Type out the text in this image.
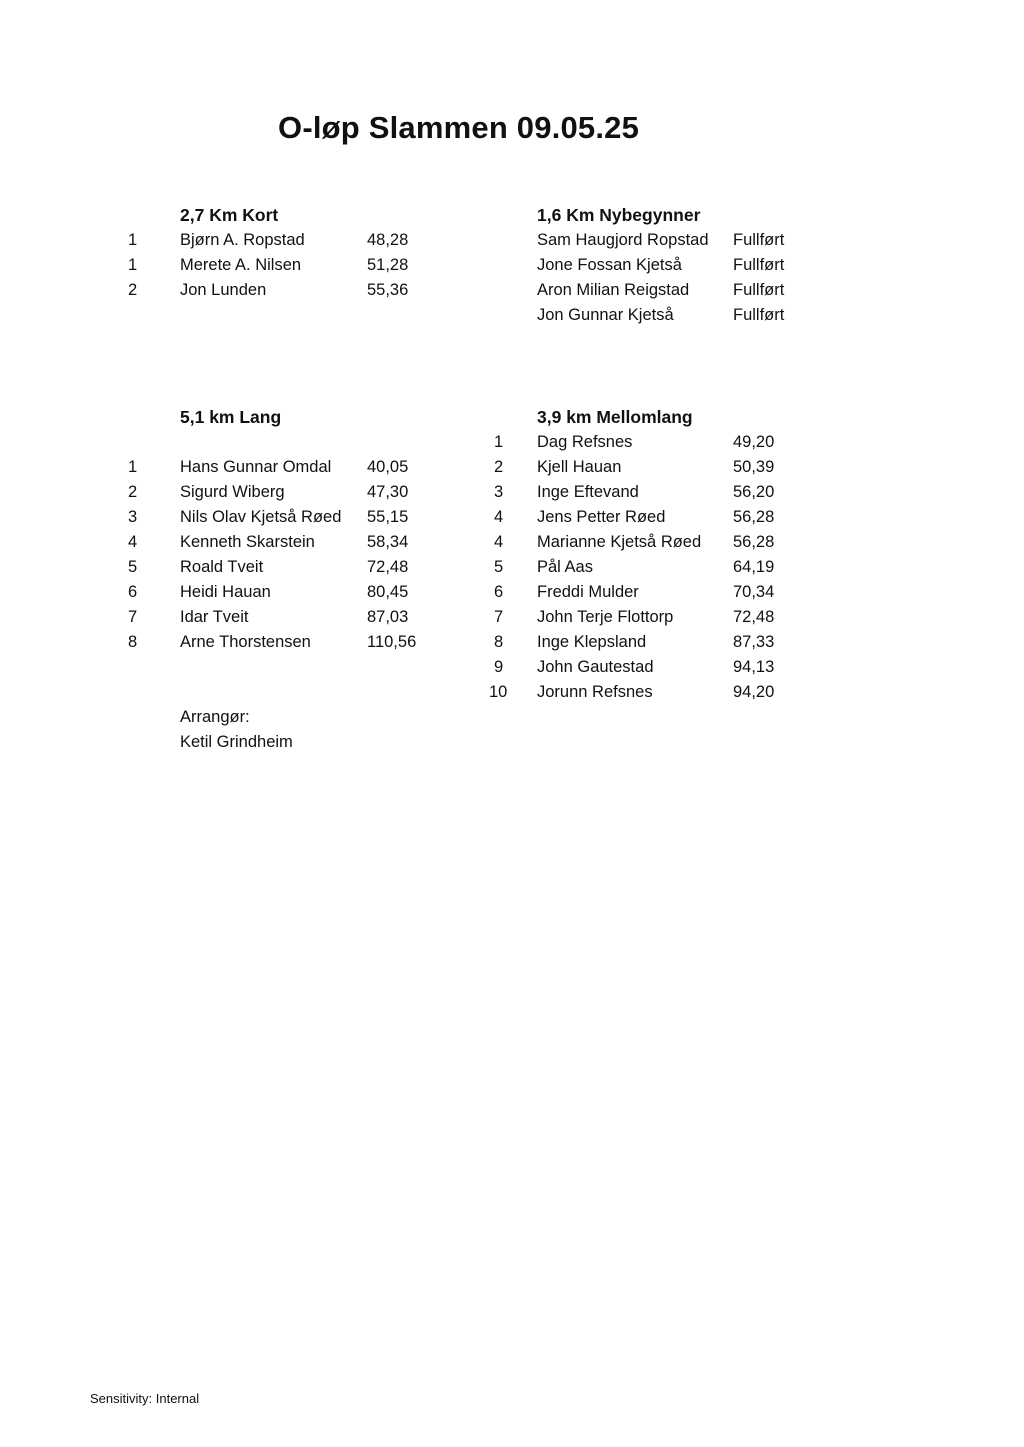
O-løp Slammen 09.05.25
2,7 Km Kort
1	Bjørn A. Ropstad	48,28
1	Merete A. Nilsen	51,28
2	Jon Lunden	55,36
1,6 Km Nybegynner
Sam Haugjord Ropstad Fullført
Jone Fossan Kjetså	Fullført
Aron Milian Reigstad	Fullført
Jon Gunnar Kjetså	Fullført
5,1 km Lang
1	Hans Gunnar Omdal 40,05
2	Sigurd Wiberg	47,30
3	Nils Olav Kjetså Røed 55,15
4	Kenneth Skarstein	58,34
5	Roald Tveit	72,48
6	Heidi Hauan	80,45
7	Idar Tveit	87,03
8	Arne Thorstensen	110,56
3,9 km Mellomlang
1 Dag Refsnes	49,20
2 Kjell Hauan	50,39
3 Inge Eftevand	56,20
4 Jens Petter Røed	56,28
4 Marianne Kjetså Røed 56,28
5 Pål Aas	64,19
6 Freddi Mulder	70,34
7 John Terje Flottorp	72,48
8 Inge Klepsland	87,33
9 John Gautestad	94,13
10 Jorunn Refsnes	94,20
Arrangør:
Ketil Grindheim
Sensitivity: Internal
